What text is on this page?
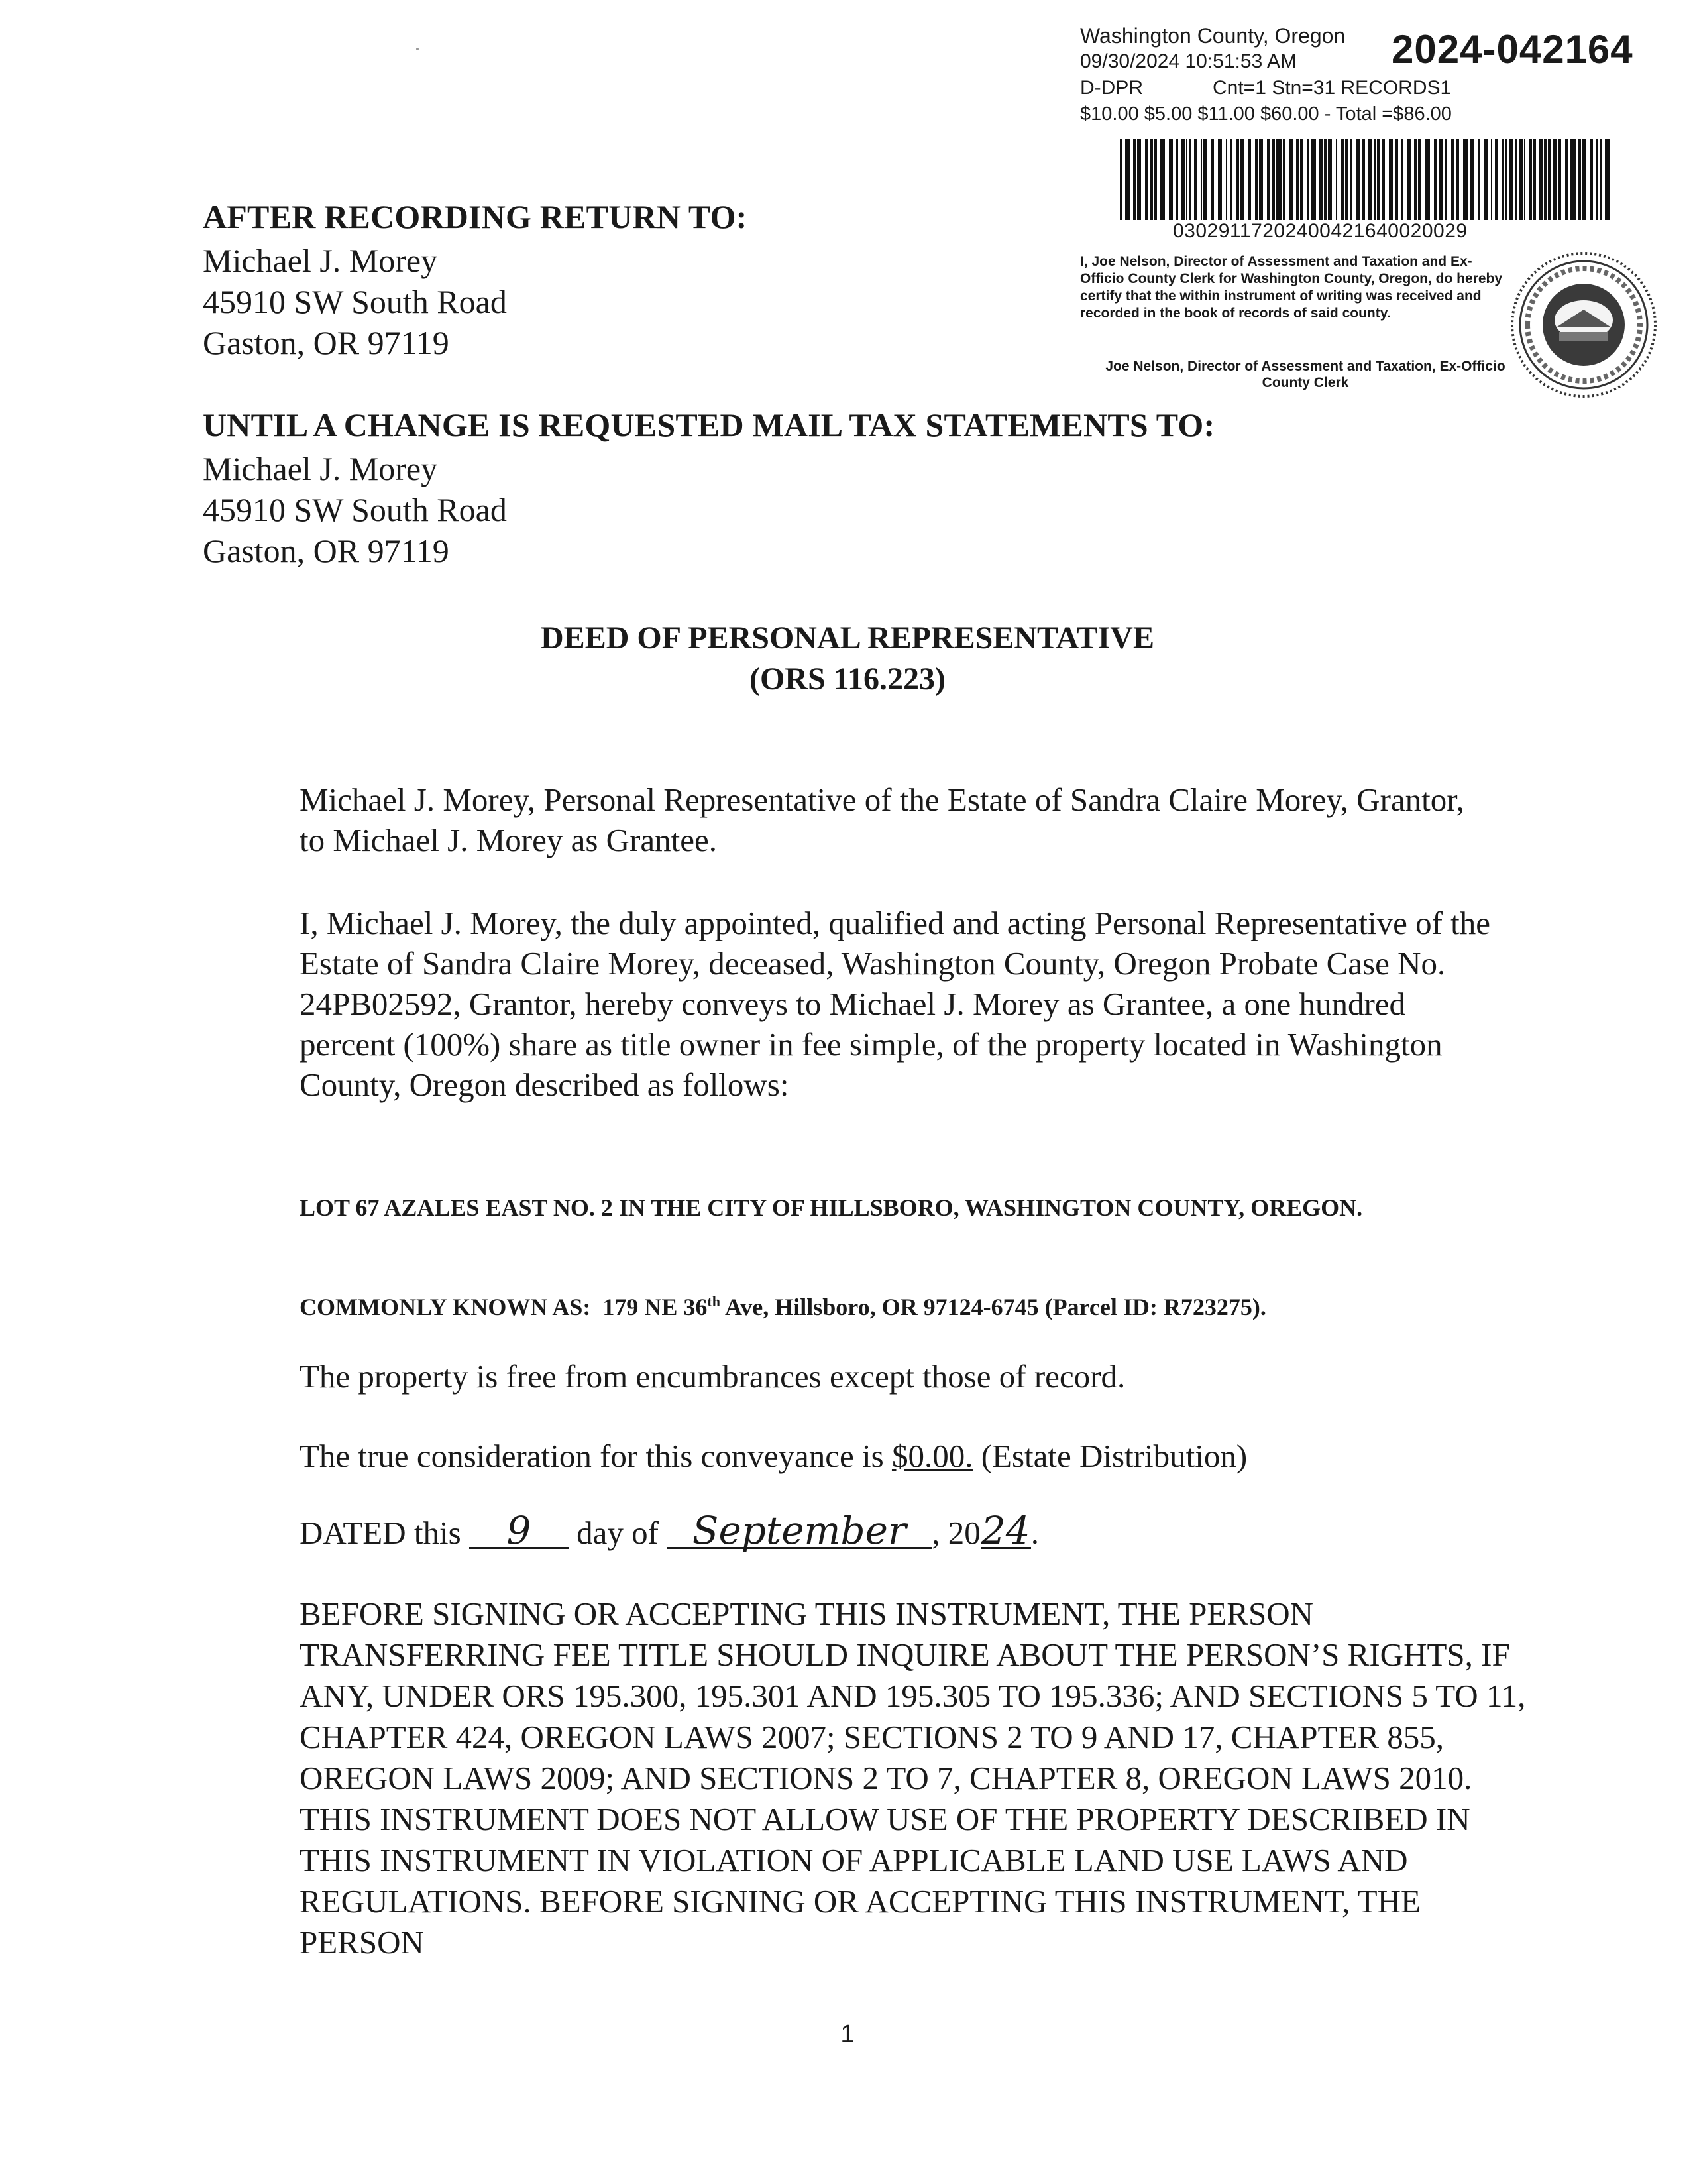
Washington County, Oregon
09/30/2024 10:51:53 AM
D-DPR	Cnt=1 Stn=31 RECORDS1
$10.00 $5.00 $11.00 $60.00 - Total =$86.00
2024-042164
03029117202400421640020029
I, Joe Nelson, Director of Assessment and Taxation and Ex-Officio County Clerk for Washington County, Oregon, do hereby certify that the within instrument of writing was received and recorded in the book of records of said county.
Joe Nelson, Director of Assessment and Taxation, Ex-Officio County Clerk
AFTER RECORDING RETURN TO:
Michael J. Morey
45910 SW South Road
Gaston, OR 97119
UNTIL A CHANGE IS REQUESTED MAIL TAX STATEMENTS TO:
Michael J. Morey
45910 SW South Road
Gaston, OR 97119
DEED OF PERSONAL REPRESENTATIVE
(ORS 116.223)
Michael J. Morey, Personal Representative of the Estate of Sandra Claire Morey, Grantor, to Michael J. Morey as Grantee.
I, Michael J. Morey, the duly appointed, qualified and acting Personal Representative of the Estate of Sandra Claire Morey, deceased, Washington County, Oregon Probate Case No. 24PB02592, Grantor, hereby conveys to Michael J. Morey as Grantee, a one hundred percent (100%) share as title owner in fee simple, of the property located in Washington County, Oregon described as follows:
LOT 67 AZALES EAST NO. 2 IN THE CITY OF HILLSBORO, WASHINGTON COUNTY, OREGON.
COMMONLY KNOWN AS: 179 NE 36th Ave, Hillsboro, OR 97124-6745 (Parcel ID: R723275).
The property is free from encumbrances except those of record.
The true consideration for this conveyance is $0.00. (Estate Distribution)
DATED this 9 day of September , 2024.
BEFORE SIGNING OR ACCEPTING THIS INSTRUMENT, THE PERSON TRANSFERRING FEE TITLE SHOULD INQUIRE ABOUT THE PERSON’S RIGHTS, IF ANY, UNDER ORS 195.300, 195.301 AND 195.305 TO 195.336; AND SECTIONS 5 TO 11, CHAPTER 424, OREGON LAWS 2007; SECTIONS 2 TO 9 AND 17, CHAPTER 855, OREGON LAWS 2009; AND SECTIONS 2 TO 7, CHAPTER 8, OREGON LAWS 2010. THIS INSTRUMENT DOES NOT ALLOW USE OF THE PROPERTY DESCRIBED IN THIS INSTRUMENT IN VIOLATION OF APPLICABLE LAND USE LAWS AND REGULATIONS. BEFORE SIGNING OR ACCEPTING THIS INSTRUMENT, THE PERSON
1
